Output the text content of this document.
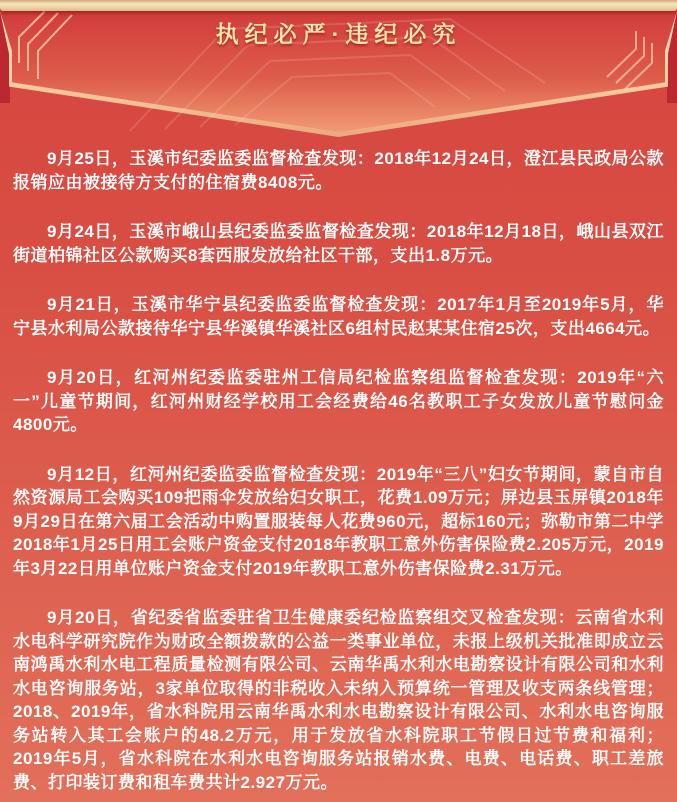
执纪必严·违纪必究

9月25日，玉溪市纪委监委监督检查发现：2018年12月24日，澄江县民政局公款报销应由被接待方支付的住宿费8408元。

9月24日，玉溪市峨山县纪委监委监督检查发现：2018年12月18日，峨山县双江街道柏锦社区公款购买8套西服发放给社区干部，支出1.8万元。

9月21日，玉溪市华宁县纪委监委监督检查发现：2017年1月至2019年5月，华宁县水利局公款接待华宁县华溪镇华溪社区6组村民赵某某住宿25次，支出4664元。

9月20日，红河州纪委监委驻州工信局纪检监察组监督检查发现：2019年“六一”儿童节期间，红河州财经学校用工会经费给46名教职工子女发放儿童节慰问金4800元。

9月12日，红河州纪委监委监督检查发现：2019年“三八”妇女节期间，蒙自市自然资源局工会购买109把雨伞发放给妇女职工，花费1.09万元；屏边县玉屏镇2018年9月29日在第六届工会活动中购置服装每人花费960元，超标160元；弥勒市第二中学2018年1月25日用工会账户资金支付2018年教职工意外伤害保险费2.205万元，2019年3月22日用单位账户资金支付2019年教职工意外伤害保险费2.31万元。

9月20日，省纪委省监委驻省卫生健康委纪检监察组交叉检查发现：云南省水利水电科学研究院作为财政全额拨款的公益一类事业单位，未报上级机关批准即成立云南鸿禹水利水电工程质量检测有限公司、云南华禹水利水电勘察设计有限公司和水利水电咨询服务站，3家单位取得的非税收入未纳入预算统一管理及收支两条线管理；2018、2019年，省水科院用云南华禹水利水电勘察设计有限公司、水利水电咨询服务站转入其工会账户的48.2万元，用于发放省水科院职工节假日过节费和福利；2019年5月，省水科院在水利水电咨询服务站报销水费、电费、电话费、职工差旅费、打印装订费和租车费共计2.927万元。
